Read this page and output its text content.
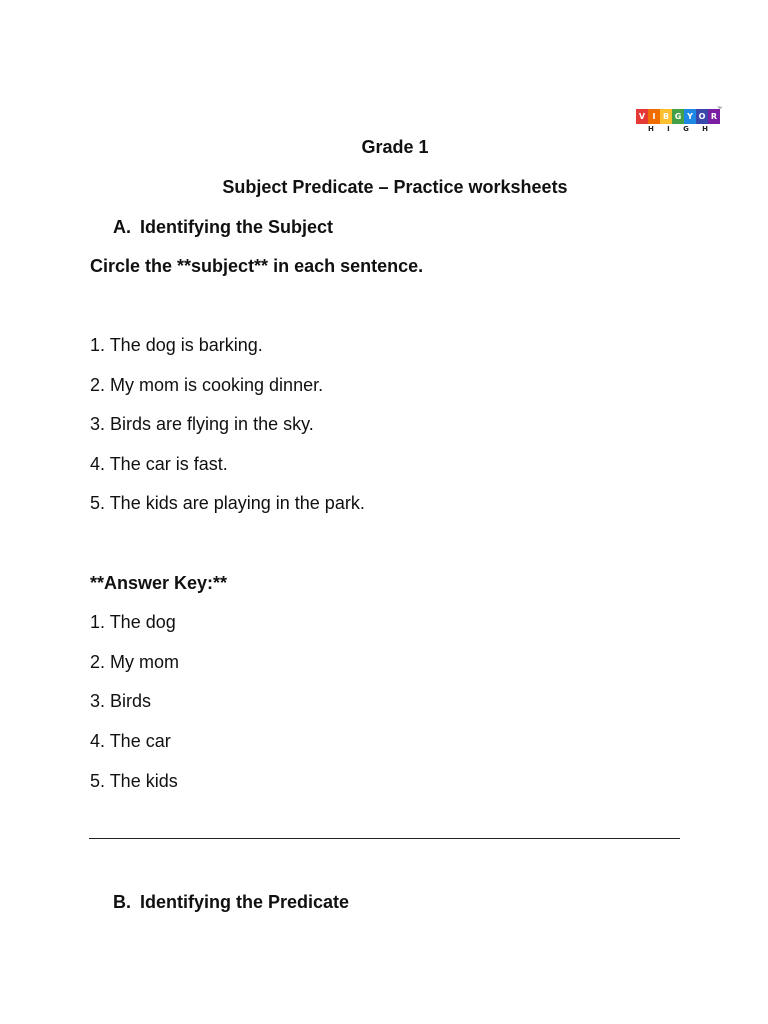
V I B G Y O R
™
H I G H
Grade 1
Subject Predicate – Practice worksheets
A. Identifying the Subject
Circle the **subject** in each sentence.
1. The dog is barking.
2. My mom is cooking dinner.
3. Birds are flying in the sky.
4. The car is fast.
5. The kids are playing in the park.
**Answer Key:**
1. The dog
2. My mom
3. Birds
4. The car
5. The kids
B. Identifying the Predicate
